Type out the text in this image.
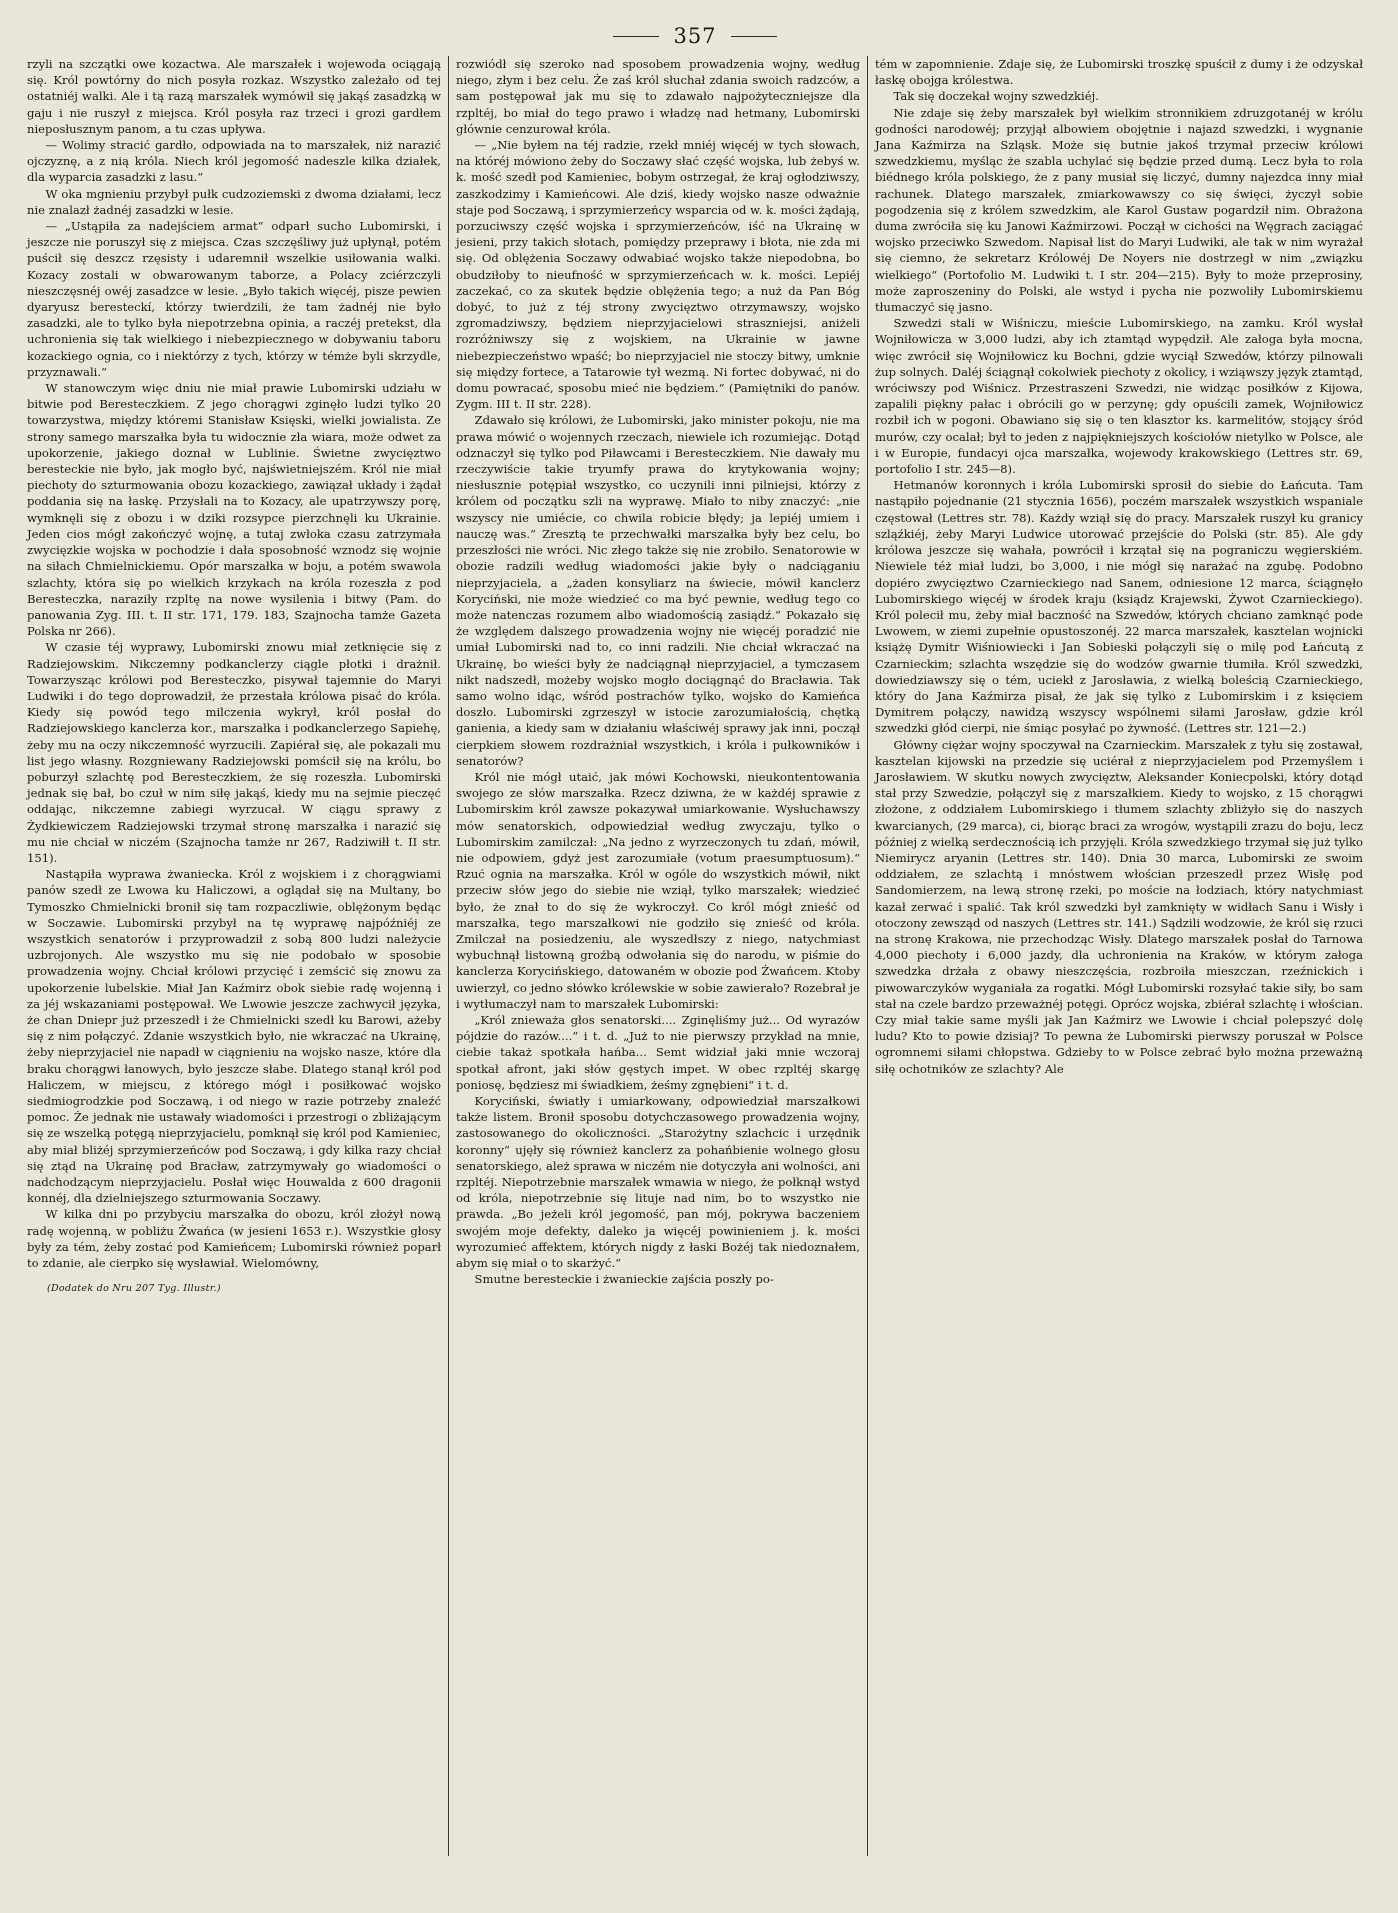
357

rzyli na szczątki owe kozactwa. Ale marszałek i wojewoda ociągają się. Król powtórny do nich posyła rozkaz. Wszystko zależało od tej ostatniéj walki. Ale i tą razą marszałek wymówił się jakąś zasadzką w gaju i nie ruszył z miejsca. Król posyła raz trzeci i grozi gardłem nieposłusznym panom, a tu czas upływa.

— Wolimy stracić gardło, odpowiada na to marszałek, niż narazić ojczyznę, a z nią króla. Niech król jegomość nadeszle kilka działek, dla wyparcia zasadzki z lasu.“

W oka mgnieniu przybył pułk cudzoziemski z dwoma działami, lecz nie znalazł żadnéj zasadzki w lesie.

— „Ustąpiła za nadejściem armat“ odparł sucho Lubomirski, i jeszcze nie poruszył się z miejsca. Czas szczęśliwy już upłynął, potém puścił się deszcz rzęsisty i udaremnił wszelkie usiłowania walki. Kozacy zostali w obwarowanym taborze, a Polacy zciérzczyli nieszczęsnéj owéj zasadzce w lesie. „Było takich więcéj, pisze pewien dyaryusz beresteckí, którzy twierdzili, że tam żadnéj nie było zasadzki, ale to tylko była niepotrzebna opinia, a raczéj pretekst, dla uchronienia się tak wielkiego i niebezpiecznego w dobywaniu taboru kozackiego ognia, co i niektórzy z tych, którzy w témże byli skrzydle, przyznawali.“

W stanowczym więc dniu nie miał prawie Lubomirski udziału w bitwie pod Beresteczkiem. Z jego chorągwi zginęło ludzi tylko 20 towarzystwa, między któremi Stanisław Księski, wielki jowialista. Ze strony samego marszałka była tu widocznie zła wiara, może odwet za upokorzenie, jakiego doznał w Lublinie. Świetne zwycięztwo beresteckie nie było, jak mogło być, najświetniejszém. Król nie miał piechoty do szturmowania obozu kozackiego, zawiązał układy i żądał poddania się na łaskę. Przysłali na to Kozacy, ale upatrzywszy porę, wymknęli się z obozu i w dziki rozsypce pierzchnęli ku Ukrainie. Jeden cios mógł zakończyć wojnę, a tutaj zwłoka czasu zatrzymała zwycięzkie wojska w pochodzie i dała sposobność wznodz się wojnie na siłach Chmielnickiemu. Opór marszałka w boju, a potém swawola szlachty, która się po wielkich krzykach na króla rozeszła z pod Beresteczka, naraziły rzpltę na nowe wysilenia i bitwy (Pam. do panowania Zyg. III. t. II str. 171, 179. 183, Szajnocha tamże Gazeta Polska nr 266).

W czasie téj wyprawy, Lubomirski znowu miał zetknięcie się z Radziejowskim. Nikczemny podkanclerzy ciągle płotki i drażnił. Towarzysząc królowi pod Beresteczko, pisywał tajemnie do Maryi Ludwiki i do tego doprowadził, że przestała królowa pisać do króla. Kiedy się powód tego milczenia wykrył, król posłał do Radziejowskiego kanclerza kor., marszałka i podkanclerzego Sapiehę, żeby mu na oczy nikczemność wyrzucili. Zapiérał się, ale pokazali mu list jego własny. Rozgniewany Radziejowski pomścił się na królu, bo poburzył szlachtę pod Beresteczkiem, że się rozeszła. Lubomirski jednak się bał, bo czuł w nim siłę jakąś, kiedy mu na sejmie pieczęć oddając, nikczemne zabiegi wyrzucał. W ciągu sprawy z Żydkiewiczem Radziejowski trzymał stronę marszałka i narazić się mu nie chciał w niczém (Szajnocha tamże nr 267, Radziwiłł t. II str. 151).

Nastąpiła wyprawa żwaniecka. Król z wojskiem i z chorągwiami panów szedł ze Lwowa ku Haliczowi, a oglądał się na Multany, bo Tymoszko Chmielnicki bronił się tam rozpaczliwie, oblężonym będąc w Soczawie. Lubomirski przybył na tę wyprawę najpóźniéj ze wszystkich senatorów i przyprowadził z sobą 800 ludzi należycie uzbrojonych. Ale wszystko mu się nie podobało w sposobie prowadzenia wojny. Chciał królowi przycięć i zemścić się znowu za upokorzenie lubelskie. Miał Jan Kaźmirz obok siebie radę wojenną i za jéj wskazaniami postępował. We Lwowie jeszcze zachwycił języka, że chan Dniepr już przeszedł i że Chmielnicki szedł ku Barowi, ażeby się z nim połączyć. Zdanie wszystkich było, nie wkraczać na Ukrainę, żeby nieprzyjaciel nie napadł w ciągnieniu na wojsko nasze, które dla braku chorągwi łanowych, było jeszcze słabe. Dlatego stanął król pod Haliczem, w miejscu, z którego mógł i posiłkować wojsko siedmiogrodzkie pod Soczawą, i od niego w razie potrzeby znaleźć pomoc. Że jednak nie ustawały wiadomości i przestrogi o zbliżającym się ze wszelką potęgą nieprzyjacielu, pomknął się król pod Kamieniec, aby miał bliżéj sprzymierzeńców pod Soczawą, i gdy kilka razy chciał się ztąd na Ukrainę pod Bracław, zatrzymywały go wiadomości o nadchodzącym nieprzyjacielu. Posłał więc Houwalda z 600 dragonii konnéj, dla dzielniejszego szturmowania Soczawy.

W kilka dni po przybyciu marszałka do obozu, król złożył nową radę wojenną, w pobliżu Żwańca (w jesieni 1653 r.). Wszystkie głosy były za tém, żeby zostać pod Kamieńcem; Lubomirski również poparł to zdanie, ale cierpko się wysławiał. Wielomówny,

(Dodatek do Nru 207 Tyg. Illustr.)

rozwiódł się szeroko nad sposobem prowadzenia wojny, według niego, złym i bez celu. Że zaś król słuchał zdania swoich radzców, a sam postępował jak mu się to zdawało najpożyteczniejsze dla rzpltéj, bo miał do tego prawo i władzę nad hetmany, Lubomirski głównie cenzurował króla.

— „Nie byłem na téj radzie, rzekł mniéj więcéj w tych słowach, na któréj mówiono żeby do Soczawy słać część wojska, lub żebyś w. k. mość szedł pod Kamieniec, bobym ostrzegał, że kraj ogłodziwszy, zaszkodzimy i Kamieńcowi. Ale dziś, kiedy wojsko nasze odważnie staje pod Soczawą, i sprzymierzeńcy wsparcia od w. k. mości żądają, porzuciwszy część wojska i sprzymierzeńców, iść na Ukrainę w jesieni, przy takich słotach, pomiędzy przeprawy i błota, nie zda mi się. Od oblężenia Soczawy odwabiać wojsko także niepodobna, bo obudziłoby to nieufność w sprzymierzeńcach w. k. mości. Lepiéj zaczekać, co za skutek będzie oblężenia tego; a nuż da Pan Bóg dobyć, to już z téj strony zwycięztwo otrzymawszy, wojsko zgromadziwszy, będziem nieprzyjacielowi straszniejsi, aniżeli rozróżniwszy się z wojskiem, na Ukrainie w jawne niebezpieczeństwo wpaść; bo nieprzyjaciel nie stoczy bitwy, umknie się między fortece, a Tatarowie tył wezmą. Ni fortec dobywać, ni do domu powracać, sposobu mieć nie będziem.“ (Pamiętniki do panów. Zygm. III t. II str. 228).

Zdawało się królowi, że Lubomirski, jako minister pokoju, nie ma prawa mówić o wojennych rzeczach, niewiele ich rozumiejąc. Dotąd odznaczył się tylko pod Piławcami i Beresteczkiem. Nie dawały mu rzeczywiście takie tryumfy prawa do krytykowania wojny; niesłusznie potępiał wszystko, co uczynili inni pilniejsi, którzy z królem od początku szli na wyprawę. Miało to niby znaczyć: „nie wszyscy nie umiécie, co chwila robicie błędy; ja lepiéj umiem i nauczę was.“ Zresztą te przechwałki marszałka były bez celu, bo przeszłości nie wróci. Nic złego także się nie zrobiło. Senatorowie w obozie radzili według wiadomości jakie były o nadciąganiu nieprzyjaciela, a „żaden konsyliarz na świecie, mówił kanclerz Koryciński, nie może wiedzieć co ma być pewnie, według tego co może natenczas rozumem albo wiadomością zasiądź.“ Pokazało się że względem dalszego prowadzenia wojny nie więcéj poradzić nie umiał Lubomirski nad to, co inni radzili. Nie chciał wkraczać na Ukrainę, bo wieści były że nadciągnął nieprzyjaciel, a tymczasem nikt nadszedł, możeby wojsko mogło dociągnąć do Bracławia. Tak samo wolno idąc, wśród postrachów tylko, wojsko do Kamieńca doszło. Lubomirski zgrzeszył w istocie zarozumiałością, chętką ganienia, a kiedy sam w działaniu właściwéj sprawy jak inni, począł cierpkiem słowem rozdrażniał wszystkich, i króla i pułkowników i senatorów?

Król nie mógł utaić, jak mówi Kochowski, nieukontentowania swojego ze słów marszałka. Rzecz dziwna, że w każdéj sprawie z Lubomirskim król zawsze pokazywał umiarkowanie. Wysłuchawszy mów senatorskich, odpowiedział według zwyczaju, tylko o Lubomirskim zamilczał: „Na jedno z wyrzeczonych tu zdań, mówił, nie odpowiem, gdyż jest zarozumiałe (votum praesumptuosum).“ Rzuć ognia na marszałka. Król w ogóle do wszystkich mówił, nikt przeciw słów jego do siebie nie wziął, tylko marszałek; wiedzieć było, że znał to do się że wykroczył. Co król mógł znieść od marszałka, tego marszałkowi nie godziło się znieść od króla. Zmilczał na posiedzeniu, ale wyszedłszy z niego, natychmiast wybuchnął listowną groźbą odwołania się do narodu, w piśmie do kanclerza Korycińskiego, datowaném w obozie pod Żwańcem. Ktoby uwierzył, co jedno słówko królewskie w sobie zawierało? Rozebrał je i wytłumaczył nam to marszałek Lubomirski:

„Król znieważa głos senatorski.... Zginęliśmy już... Od wyrazów pójdzie do razów....“ i t. d. „Już to nie pierwszy przykład na mnie, ciebie takaż spotkała hańba... Semt widział jaki mnie wczoraj spotkał afront, jaki słów gęstych impet. W obec rzpltéj skargę poniosę, będziesz mi świadkiem, żeśmy zgnębieni“ i t. d.

Koryciński, światły i umiarkowany, odpowiedział marszałkowi także listem. Bronił sposobu dotychczasowego prowadzenia wojny, zastosowanego do okoliczności. „Starożytny szlachcic i urzędnik koronny“ ujęły się również kanclerz za pohańbienie wolnego głosu senatorskiego, ależ sprawa w niczém nie dotyczyła ani wolności, ani rzpltéj. Niepotrzebnie marszałek wmawia w niego, że połknął wstyd od króla, niepotrzebnie się lituje nad nim, bo to wszystko nie prawda. „Bo jeżeli król jegomość, pan mój, pokrywa baczeniem swojém moje defekty, daleko ja więcéj powinieniem j. k. mości wyrozumieć affektem, których nigdy z łaski Bożéj tak niedoznałem, abym się miał o to skarżyć.“

Smutne beresteckie i żwanieckie zajścia poszły po-

tém w zapomnienie. Zdaje się, że Lubomirski troszkę spuścił z dumy i że odzyskał łaskę obojga królestwa.

Tak się doczekał wojny szwedzkiéj.

Nie zdaje się żeby marszałek był wielkim stronnikiem zdruzgotanéj w królu godności narodowéj; przyjął albowiem obojętnie i najazd szwedzki, i wygnanie Jana Kaźmirza na Szląsk. Może się butnie jakoś trzymał przeciw królowi szwedzkiemu, myśląc że szabla uchylać się będzie przed dumą. Lecz była to rola biédnego króla polskiego, że z pany musiał się liczyć, dumny najezdca inny miał rachunek. Dlatego marszałek, zmiarkowawszy co się święci, życzył sobie pogodzenia się z królem szwedzkim, ale Karol Gustaw pogardził nim. Obrażona duma zwróciła się ku Janowi Kaźmirzowi. Począł w cichości na Węgrach zaciągać wojsko przeciwko Szwedom. Napisał list do Maryi Ludwiki, ale tak w nim wyrażał się ciemno, że sekretarz Królowéj De Noyers nie dostrzegł w nim „związku wielkiego“ (Portofolio M. Ludwiki t. I str. 204—215). Były to może przeprosiny, może zaproszeniny do Polski, ale wstyd i pycha nie pozwoliły Lubomirskiemu tłumaczyć się jasno.

Szwedzi stali w Wiśniczu, mieście Lubomirskiego, na zamku. Król wysłał Wojniłowicza w 3,000 ludzi, aby ich ztamtąd wypędził. Ale załoga była mocna, więc zwrócił się Wojniłowicz ku Bochni, gdzie wyciął Szwedów, którzy pilnowali żup solnych. Daléj ściągnął cokolwiek piechoty z okolicy, i wziąwszy język ztamtąd, wróciwszy pod Wiśnicz. Przestraszeni Szwedzi, nie widząc posiłków z Kijowa, zapalili piękny pałac i obrócili go w perzynę; gdy opuścili zamek, Wojniłowicz rozbił ich w pogoni. Obawiano się się o ten klasztor ks. karmelitów, stojący śród murów, czy ocalał; był to jeden z najpiękniejszych kościołów nietylko w Polsce, ale i w Europie, fundacyi ojca marszałka, wojewody krakowskiego (Lettres str. 69, portofolio I str. 245—8).

Hetmanów koronnych i króla Lubomirski sprosił do siebie do Łańcuta. Tam nastąpiło pojednanie (21 stycznia 1656), poczém marszałek wszystkich wspaniale częstował (Lettres str. 78). Każdy wziął się do pracy. Marszałek ruszył ku granicy szląźkiéj, żeby Maryi Ludwice utorować przejście do Polski (str. 85). Ale gdy królowa jeszcze się wahała, powrócił i krzątał się na pograniczu węgierskiém. Niewiele téż miał ludzi, bo 3,000, i nie mógł się narażać na zgubę. Podobno dopiéro zwycięztwo Czarnieckiego nad Sanem, odniesione 12 marca, ściągnęło Lubomirskiego więcéj w środek kraju (ksiądz Krajewski, Żywot Czarnieckiego). Król polecił mu, żeby miał baczność na Szwedów, których chciano zamknąć pode Lwowem, w ziemi zupełnie opustoszonéj. 22 marca marszałek, kasztelan wojnicki książę Dymitr Wiśniowiecki i Jan Sobieski połączyli się o milę pod Łańcutą z Czarnieckim; szlachta wszędzie się do wodzów gwarnie tłumiła. Król szwedzki, dowiedziawszy się o tém, uciekł z Jarosławia, z wielką boleścią Czarnieckiego, który do Jana Kaźmirza pisał, że jak się tylko z Lubomirskim i z księciem Dymitrem połączy, nawidzą wszyscy wspólnemi siłami Jarosław, gdzie król szwedzki głód cierpi, nie śmiąc posyłać po żywność. (Lettres str. 121—2.)

Główny ciężar wojny spoczywał na Czarnieckim. Marszałek z tyłu się zostawał, kasztelan kijowski na przedzie się uciérał z nieprzyjacielem pod Przemyślem i Jarosławiem. W skutku nowych zwycięztw, Aleksander Koniecpolski, który dotąd stał przy Szwedzie, połączył się z marszałkiem. Kiedy to wojsko, z 15 chorągwi złożone, z oddziałem Lubomirskiego i tłumem szlachty zbliżyło się do naszych kwarcianych, (29 marca), ci, biorąc braci za wrogów, wystąpili zrazu do boju, lecz później z wielką serdecznością ich przyjęli. Króla szwedzkiego trzymał się już tylko Niemirycz aryanin (Lettres str. 140). Dnia 30 marca, Lubomirski ze swoim oddziałem, ze szlachtą i mnóstwem włościan przeszedł przez Wisłę pod Sandomierzem, na lewą stronę rzeki, po moście na łodziach, który natychmiast kazał zerwać i spalić. Tak król szwedzki był zamknięty w widłach Sanu i Wisły i otoczony zewsząd od naszych (Lettres str. 141.) Sądzili wodzowie, że król się rzuci na stronę Krakowa, nie przechodząc Wisły. Dlatego marszałek posłał do Tarnowa 4,000 piechoty i 6,000 jazdy, dla uchronienia na Kraków, w którym załoga szwedzka drżała z obawy nieszczęścia, rozbroiła mieszczan, rzeźnickich i piwowarczyków wyganiała za rogatki. Mógł Lubomirski rozsyłać takie siły, bo sam stał na czele bardzo przeważnéj potęgi. Oprócz wojska, zbiérał szlachtę i włościan. Czy miał takie same myśli jak Jan Kaźmirz we Lwowie i chciał polepszyć dolę ludu? Kto to powie dzisiaj? To pewna że Lubomirski pierwszy poruszał w Polsce ogromnemi siłami chłopstwa. Gdzieby to w Polsce zebrać było można przeważną siłę ochotników ze szlachty? Ale
